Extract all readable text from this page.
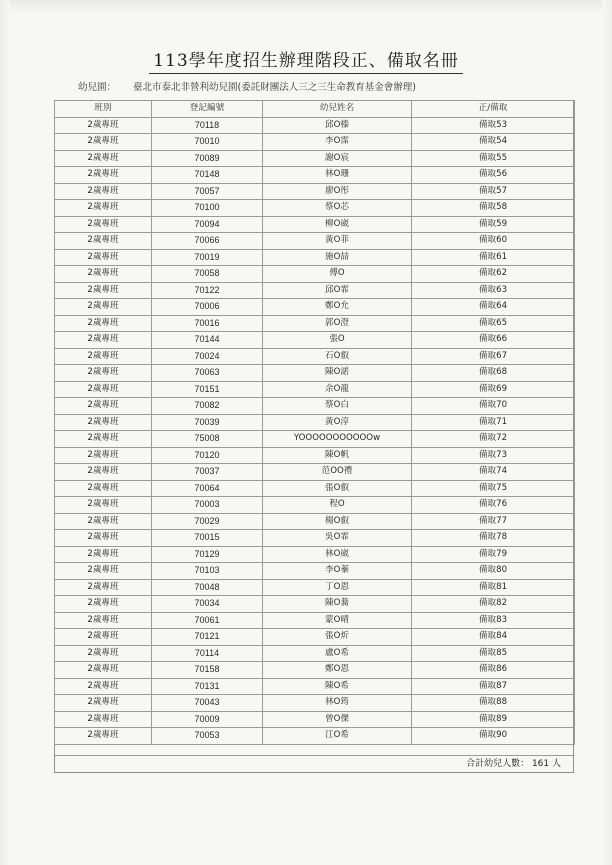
113學年度招生辦理階段正、備取名冊
幼兒園： 臺北市泰北非營利幼兒園(委託財團法人三之三生命教育基金會辦理)
班別	登記編號	幼兒姓名	正/備取
2歲專班	70118	邱O榛	備取53
2歲專班	70010	李O霈	備取54
2歲專班	70089	謝O宸	備取55
2歲專班	70148	林O珊	備取56
2歲專班	70057	廖O彤	備取57
2歲專班	70100	蔡O芯	備取58
2歲專班	70094	柳O崴	備取59
2歲專班	70066	黃O菲	備取60
2歲專班	70019	施O喆	備取61
2歲專班	70058	傅O	備取62
2歲專班	70122	邱O霏	備取63
2歲專班	70006	鄭O允	備取64
2歲專班	70016	郭O澄	備取65
2歲專班	70144	張O	備取66
2歲專班	70024	石O叡	備取67
2歲專班	70063	陳O諾	備取68
2歲專班	70151	余O龍	備取69
2歲專班	70082	蔡O白	備取70
2歲專班	70039	黃O淳	備取71
2歲專班	75008	YOOOOOOOOOOOw	備取72
2歲專班	70120	陳O帆	備取73
2歲專班	70037	范OO禮	備取74
2歲專班	70064	張O叡	備取75
2歲專班	70003	程O	備取76
2歲專班	70029	楊O叡	備取77
2歲專班	70015	吳O霏	備取78
2歲專班	70129	林O崴	備取79
2歲專班	70103	李O蓁	備取80
2歲專班	70048	丁O恩	備取81
2歲專班	70034	陳O蕎	備取82
2歲專班	70061	蒙O晴	備取83
2歲專班	70121	張O炘	備取84
2歲專班	70114	盧O希	備取85
2歲專班	70158	鄭O恩	備取86
2歲專班	70131	陳O希	備取87
2歲專班	70043	林O筠	備取88
2歲專班	70009	曾O傑	備取89
2歲專班	70053	江O希	備取90
合計幼兒人數： 161 人
·	·	·	·	·
